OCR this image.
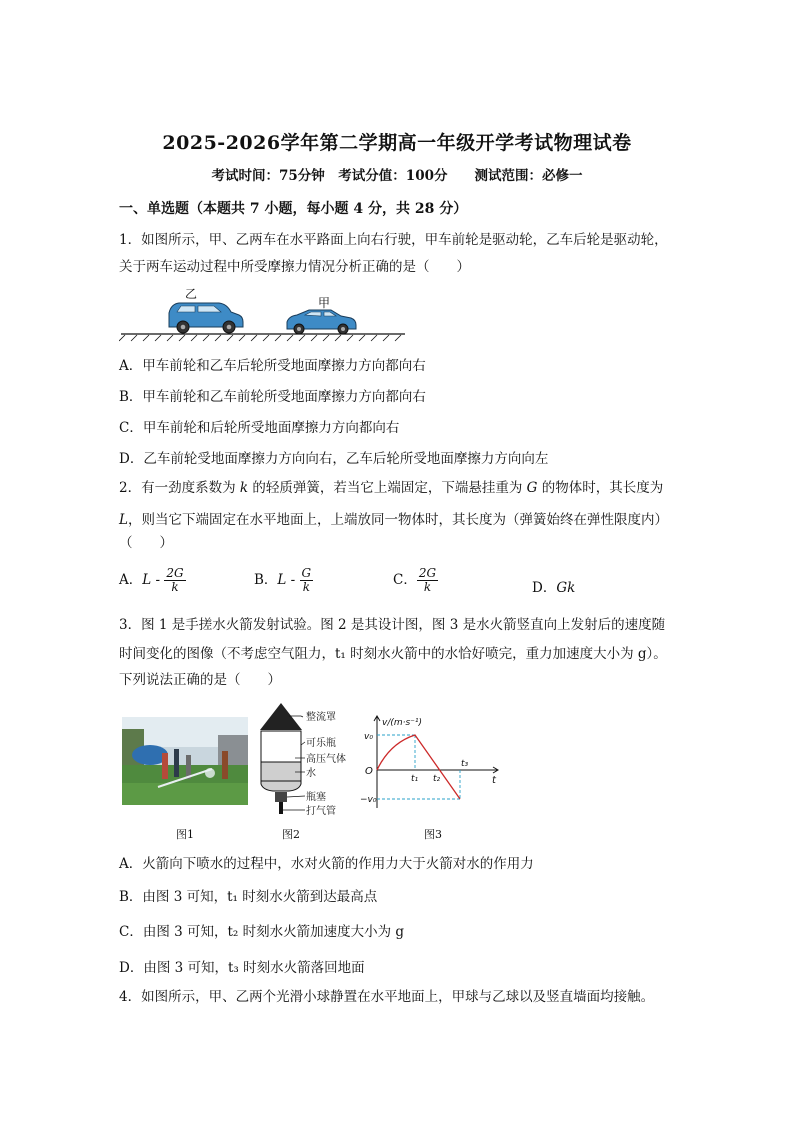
2025-2026学年第二学期高一年级开学考试物理试卷
考试时间：75分钟　考试分值：100分　　测试范围：必修一
一、单选题（本题共 7 小题，每小题 4 分，共 28 分）
1．如图所示，甲、乙两车在水平路面上向右行驶，甲车前轮是驱动轮，乙车后轮是驱动轮，
关于两车运动过程中所受摩擦力情况分析正确的是（　　）
乙
甲
A．甲车前轮和乙车后轮所受地面摩擦力方向都向右
B．甲车前轮和乙车前轮所受地面摩擦力方向都向右
C．甲车前轮和后轮所受地面摩擦力方向都向右
D．乙车前轮受地面摩擦力方向向右，乙车后轮所受地面摩擦力方向向左
2．有一劲度系数为 k 的轻质弹簧，若当它上端固定，下端悬挂重为 G 的物体时，其长度为
L，则当它下端固定在水平地面上，上端放同一物体时，其长度为（弹簧始终在弹性限度内）
（　　）
A．L - $\frac{2G}{k}$	B．L - $\frac{G}{k}$	C． $\frac{2G}{k}$	D．Gk
3．图 1 是手搓水火箭发射试验。图 2 是其设计图，图 3 是水火箭竖直向上发射后的速度随
时间变化的图像（不考虑空气阻力，t₁ 时刻水火箭中的水恰好喷完，重力加速度大小为 g）。
下列说法正确的是（　　）
图1
整流罩
可乐瓶
高压气体
水
瓶塞
打气管
图2
v/(m·s⁻¹)
v₀
O
−v₀
t₁ t₂
t₃
t
图3
A．火箭向下喷水的过程中，水对火箭的作用力大于火箭对水的作用力
B．由图 3 可知，t₁ 时刻水火箭到达最高点
C．由图 3 可知，t₂ 时刻水火箭加速度大小为 g
D．由图 3 可知，t₃ 时刻水火箭落回地面
4．如图所示，甲、乙两个光滑小球静置在水平地面上，甲球与乙球以及竖直墙面均接触。
